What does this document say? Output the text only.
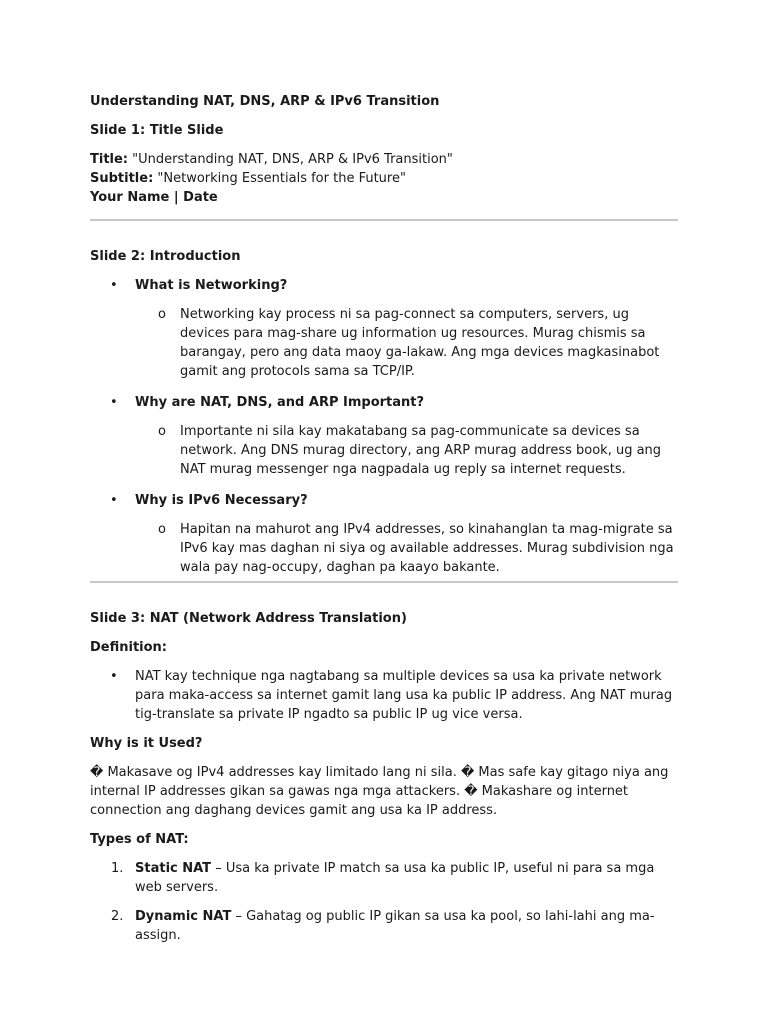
Understanding NAT, DNS, ARP & IPv6 Transition

Slide 1: Title Slide

Title: "Understanding NAT, DNS, ARP & IPv6 Transition"

Subtitle: "Networking Essentials for the Future"

Your Name | Date

Slide 2: Introduction

• What is Networking?
o Networking kay process ni sa pag-connect sa computers, servers, ug devices para mag-share ug information ug resources. Murag chismis sa barangay, pero ang data maoy ga-lakaw. Ang mga devices magkasinabot gamit ang protocols sama sa TCP/IP.
• Why are NAT, DNS, and ARP Important?
o Importante ni sila kay makatabang sa pag-communicate sa devices sa network. Ang DNS murag directory, ang ARP murag address book, ug ang NAT murag messenger nga nagpadala ug reply sa internet requests.
• Why is IPv6 Necessary?
o Hapitan na mahurot ang IPv4 addresses, so kinahanglan ta mag-migrate sa IPv6 kay mas daghan ni siya og available addresses. Murag subdivision nga wala pay nag-occupy, daghan pa kaayo bakante.

Slide 3: NAT (Network Address Translation)

Definition:

• NAT kay technique nga nagtabang sa multiple devices sa usa ka private network para maka-access sa internet gamit lang usa ka public IP address. Ang NAT murag tig-translate sa private IP ngadto sa public IP ug vice versa.

Why is it Used?

� Makasave og IPv4 addresses kay limitado lang ni sila. � Mas safe kay gitago niya ang internal IP addresses gikan sa gawas nga mga attackers. � Makashare og internet connection ang daghang devices gamit ang usa ka IP address.

Types of NAT:

1. Static NAT – Usa ka private IP match sa usa ka public IP, useful ni para sa mga web servers.
2. Dynamic NAT – Gahatag og public IP gikan sa usa ka pool, so lahi-lahi ang ma-assign.
